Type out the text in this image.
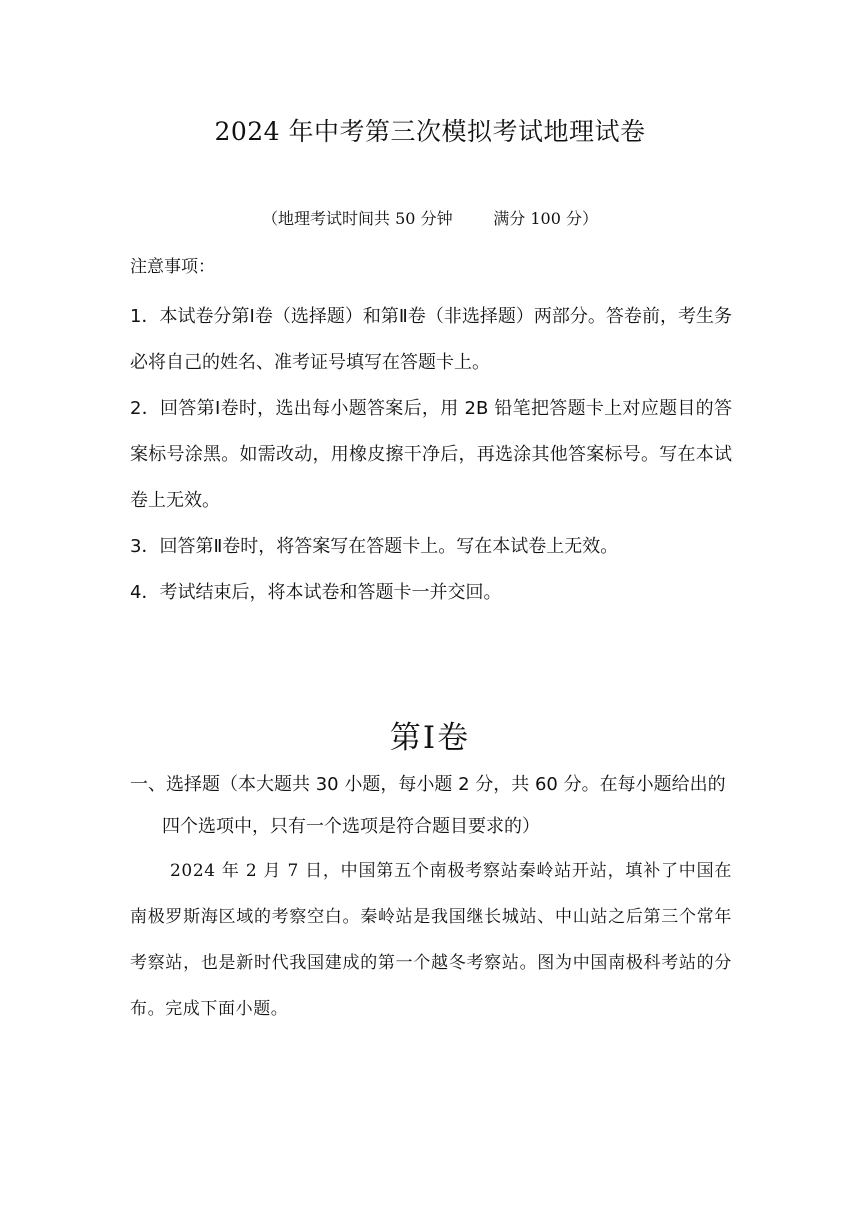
2024 年中考第三次模拟考试地理试卷
（地理考试时间共 50 分钟        满分 100 分）
注意事项：

1．本试卷分第Ⅰ卷（选择题）和第Ⅱ卷（非选择题）两部分。答卷前，考生务必将自己的姓名、准考证号填写在答题卡上。

2．回答第Ⅰ卷时，选出每小题答案后，用 2B 铅笔把答题卡上对应题目的答案标号涂黑。如需改动，用橡皮擦干净后，再选涂其他答案标号。写在本试卷上无效。

3．回答第Ⅱ卷时，将答案写在答题卡上。写在本试卷上无效。

4．考试结束后，将本试卷和答题卡一并交回。

第Ⅰ卷
一、选择题（本大题共 30 小题，每小题 2 分，共 60 分。在每小题给出的四个选项中，只有一个选项是符合题目要求的）
2024 年 2 月 7 日，中国第五个南极考察站秦岭站开站，填补了中国在南极罗斯海区域的考察空白。秦岭站是我国继长城站、中山站之后第三个常年考察站，也是新时代我国建成的第一个越冬考察站。图为中国南极科考站的分布。完成下面小题。
